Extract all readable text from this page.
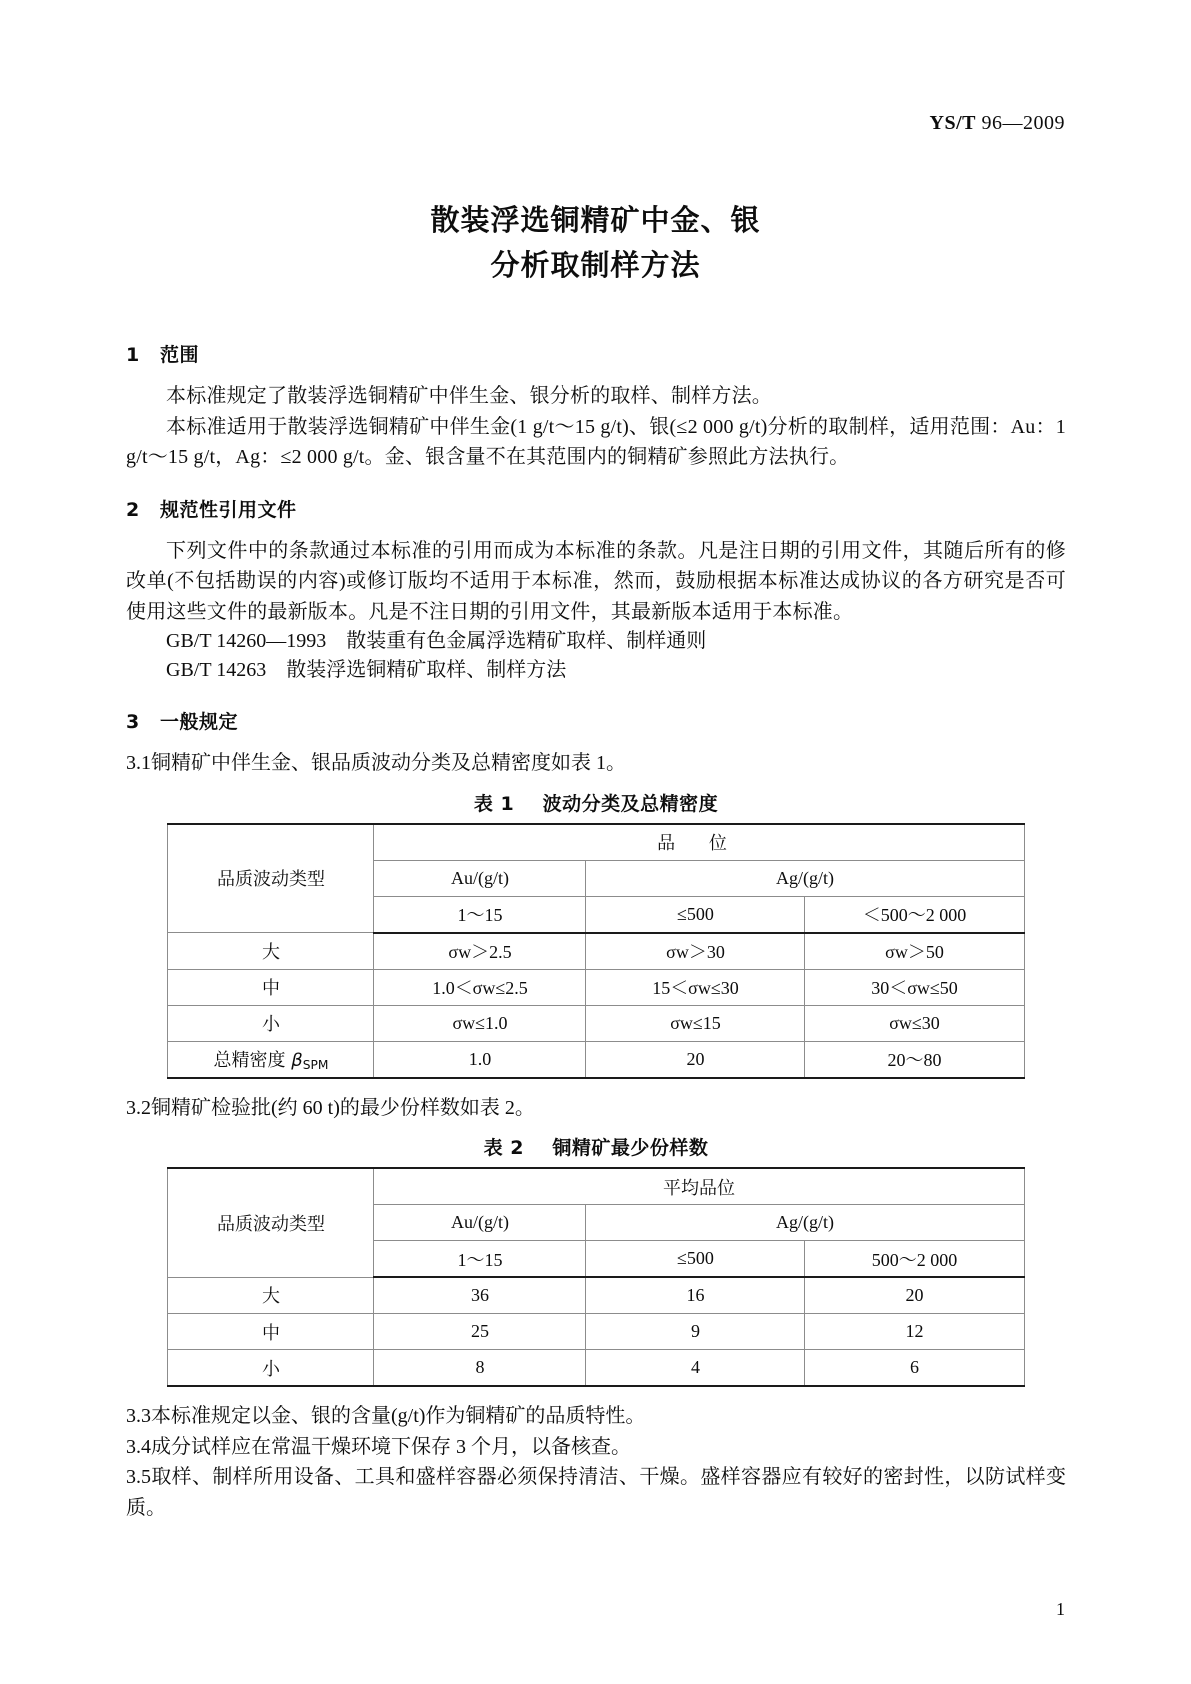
YS/T 96—2009
散装浮选铜精矿中金、银
分析取制样方法
1 范围

本标准规定了散装浮选铜精矿中伴生金、银分析的取样、制样方法。

本标准适用于散装浮选铜精矿中伴生金(1 g/t～15 g/t)、银(≤2 000 g/t)分析的取制样，适用范围：Au：1 g/t～15 g/t，Ag：≤2 000 g/t。金、银含量不在其范围内的铜精矿参照此方法执行。

2 规范性引用文件

下列文件中的条款通过本标准的引用而成为本标准的条款。凡是注日期的引用文件，其随后所有的修改单(不包括勘误的内容)或修订版均不适用于本标准，然而，鼓励根据本标准达成协议的各方研究是否可使用这些文件的最新版本。凡是不注日期的引用文件，其最新版本适用于本标准。

GB/T 14260—1993　散装重有色金属浮选精矿取样、制样通则

GB/T 14263　散装浮选铜精矿取样、制样方法

3 一般规定
3.1铜精矿中伴生金、银品质波动分类及总精密度如表 1。
表 1 波动分类及总精密度
品质波动类型	品 位		
	Au/(g/t)	Ag/(g/t)	
	1～15	≤500	＜500～2 000
大	σw＞2.5	σw＞30	σw＞50
中	1.0＜σw≤2.5	15＜σw≤30	30＜σw≤50
小	σw≤1.0	σw≤15	σw≤30
总精密度 $\beta_{SPM}$	1.0	20	20～80
3.2铜精矿检验批(约 60 t)的最少份样数如表 2。
表 2 铜精矿最少份样数
品质波动类型	平均品位		
	Au/(g/t)	Ag/(g/t)	
	1～15	≤500	500～2 000
大	36	16	20
中	25	9	12
小	8	4	6
3.3本标准规定以金、银的含量(g/t)作为铜精矿的品质特性。
3.4成分试样应在常温干燥环境下保存 3 个月，以备核查。
3.5取样、制样所用设备、工具和盛样容器必须保持清洁、干燥。盛样容器应有较好的密封性，以防试样变质。
1
